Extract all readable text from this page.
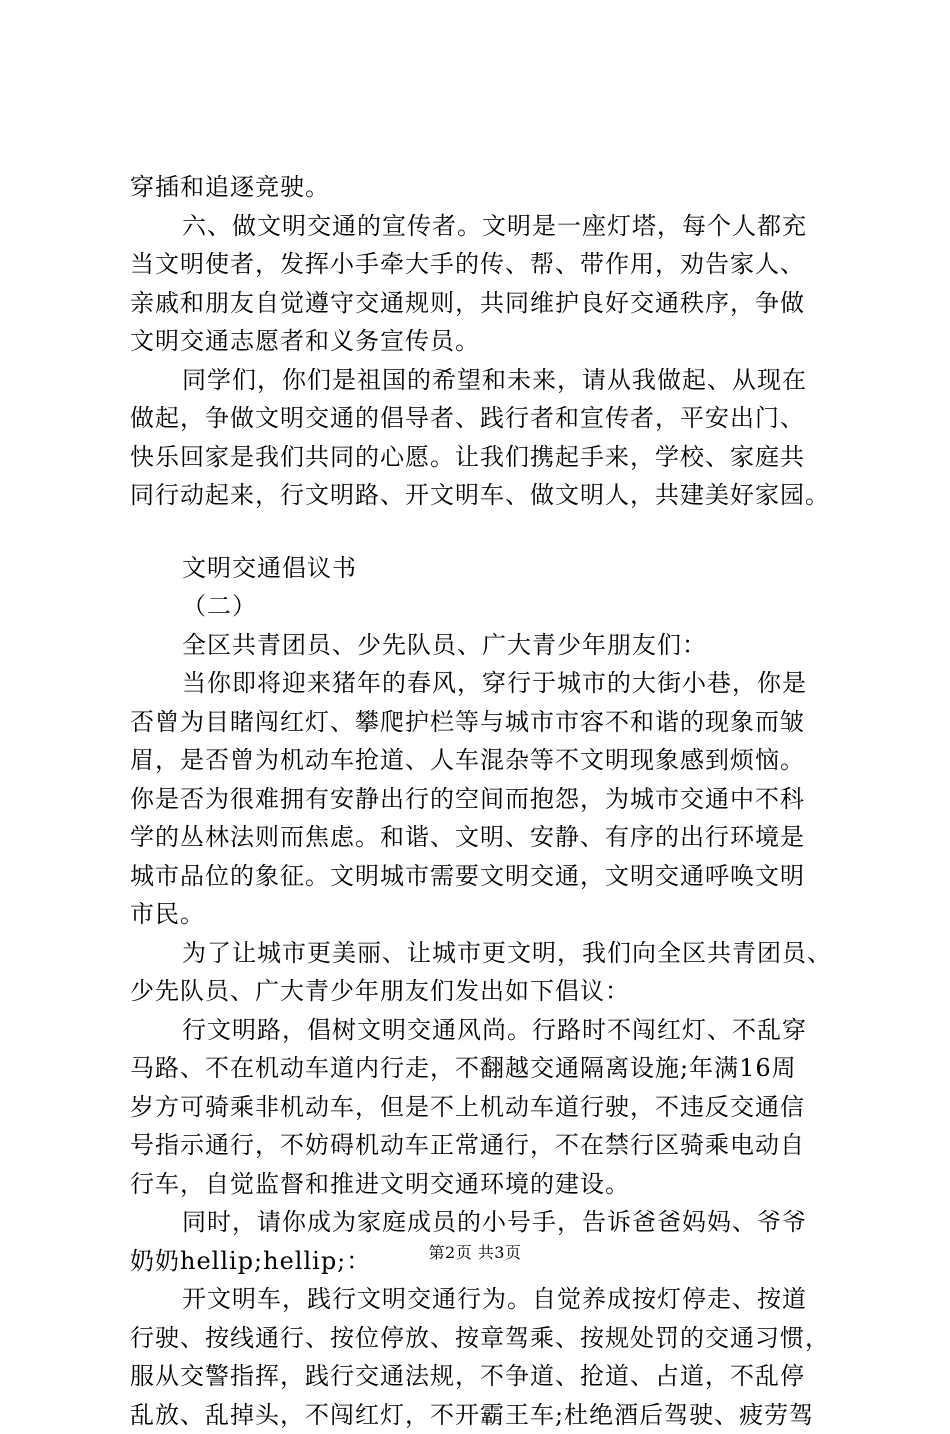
穿插和追逐竞驶。
六、做文明交通的宣传者。文明是一座灯塔，每个人都充
当文明使者，发挥小手牵大手的传、帮、带作用，劝告家人、
亲戚和朋友自觉遵守交通规则，共同维护良好交通秩序，争做
文明交通志愿者和义务宣传员。
同学们，你们是祖国的希望和未来，请从我做起、从现在
做起，争做文明交通的倡导者、践行者和宣传者，平安出门、
快乐回家是我们共同的心愿。让我们携起手来，学校、家庭共
同行动起来，行文明路、开文明车、做文明人，共建美好家园。
文明交通倡议书
（二）
全区共青团员、少先队员、广大青少年朋友们：
当你即将迎来猪年的春风，穿行于城市的大街小巷，你是
否曾为目睹闯红灯、攀爬护栏等与城市市容不和谐的现象而皱
眉，是否曾为机动车抢道、人车混杂等不文明现象感到烦恼。
你是否为很难拥有安静出行的空间而抱怨，为城市交通中不科
学的丛林法则而焦虑。和谐、文明、安静、有序的出行环境是
城市品位的象征。文明城市需要文明交通，文明交通呼唤文明
市民。
为了让城市更美丽、让城市更文明，我们向全区共青团员、
少先队员、广大青少年朋友们发出如下倡议：
行文明路，倡树文明交通风尚。行路时不闯红灯、不乱穿
马路、不在机动车道内行走，不翻越交通隔离设施;年满16周
岁方可骑乘非机动车，但是不上机动车道行驶，不违反交通信
号指示通行，不妨碍机动车正常通行，不在禁行区骑乘电动自
行车，自觉监督和推进文明交通环境的建设。
同时，请你成为家庭成员的小号手，告诉爸爸妈妈、爷爷
奶奶hellip;hellip;：
开文明车，践行文明交通行为。自觉养成按灯停走、按道
行驶、按线通行、按位停放、按章驾乘、按规处罚的交通习惯，
服从交警指挥，践行交通法规，不争道、抢道、占道，不乱停
乱放、乱掉头，不闯红灯，不开霸王车;杜绝酒后驾驶、疲劳驾
第2页 共3页
